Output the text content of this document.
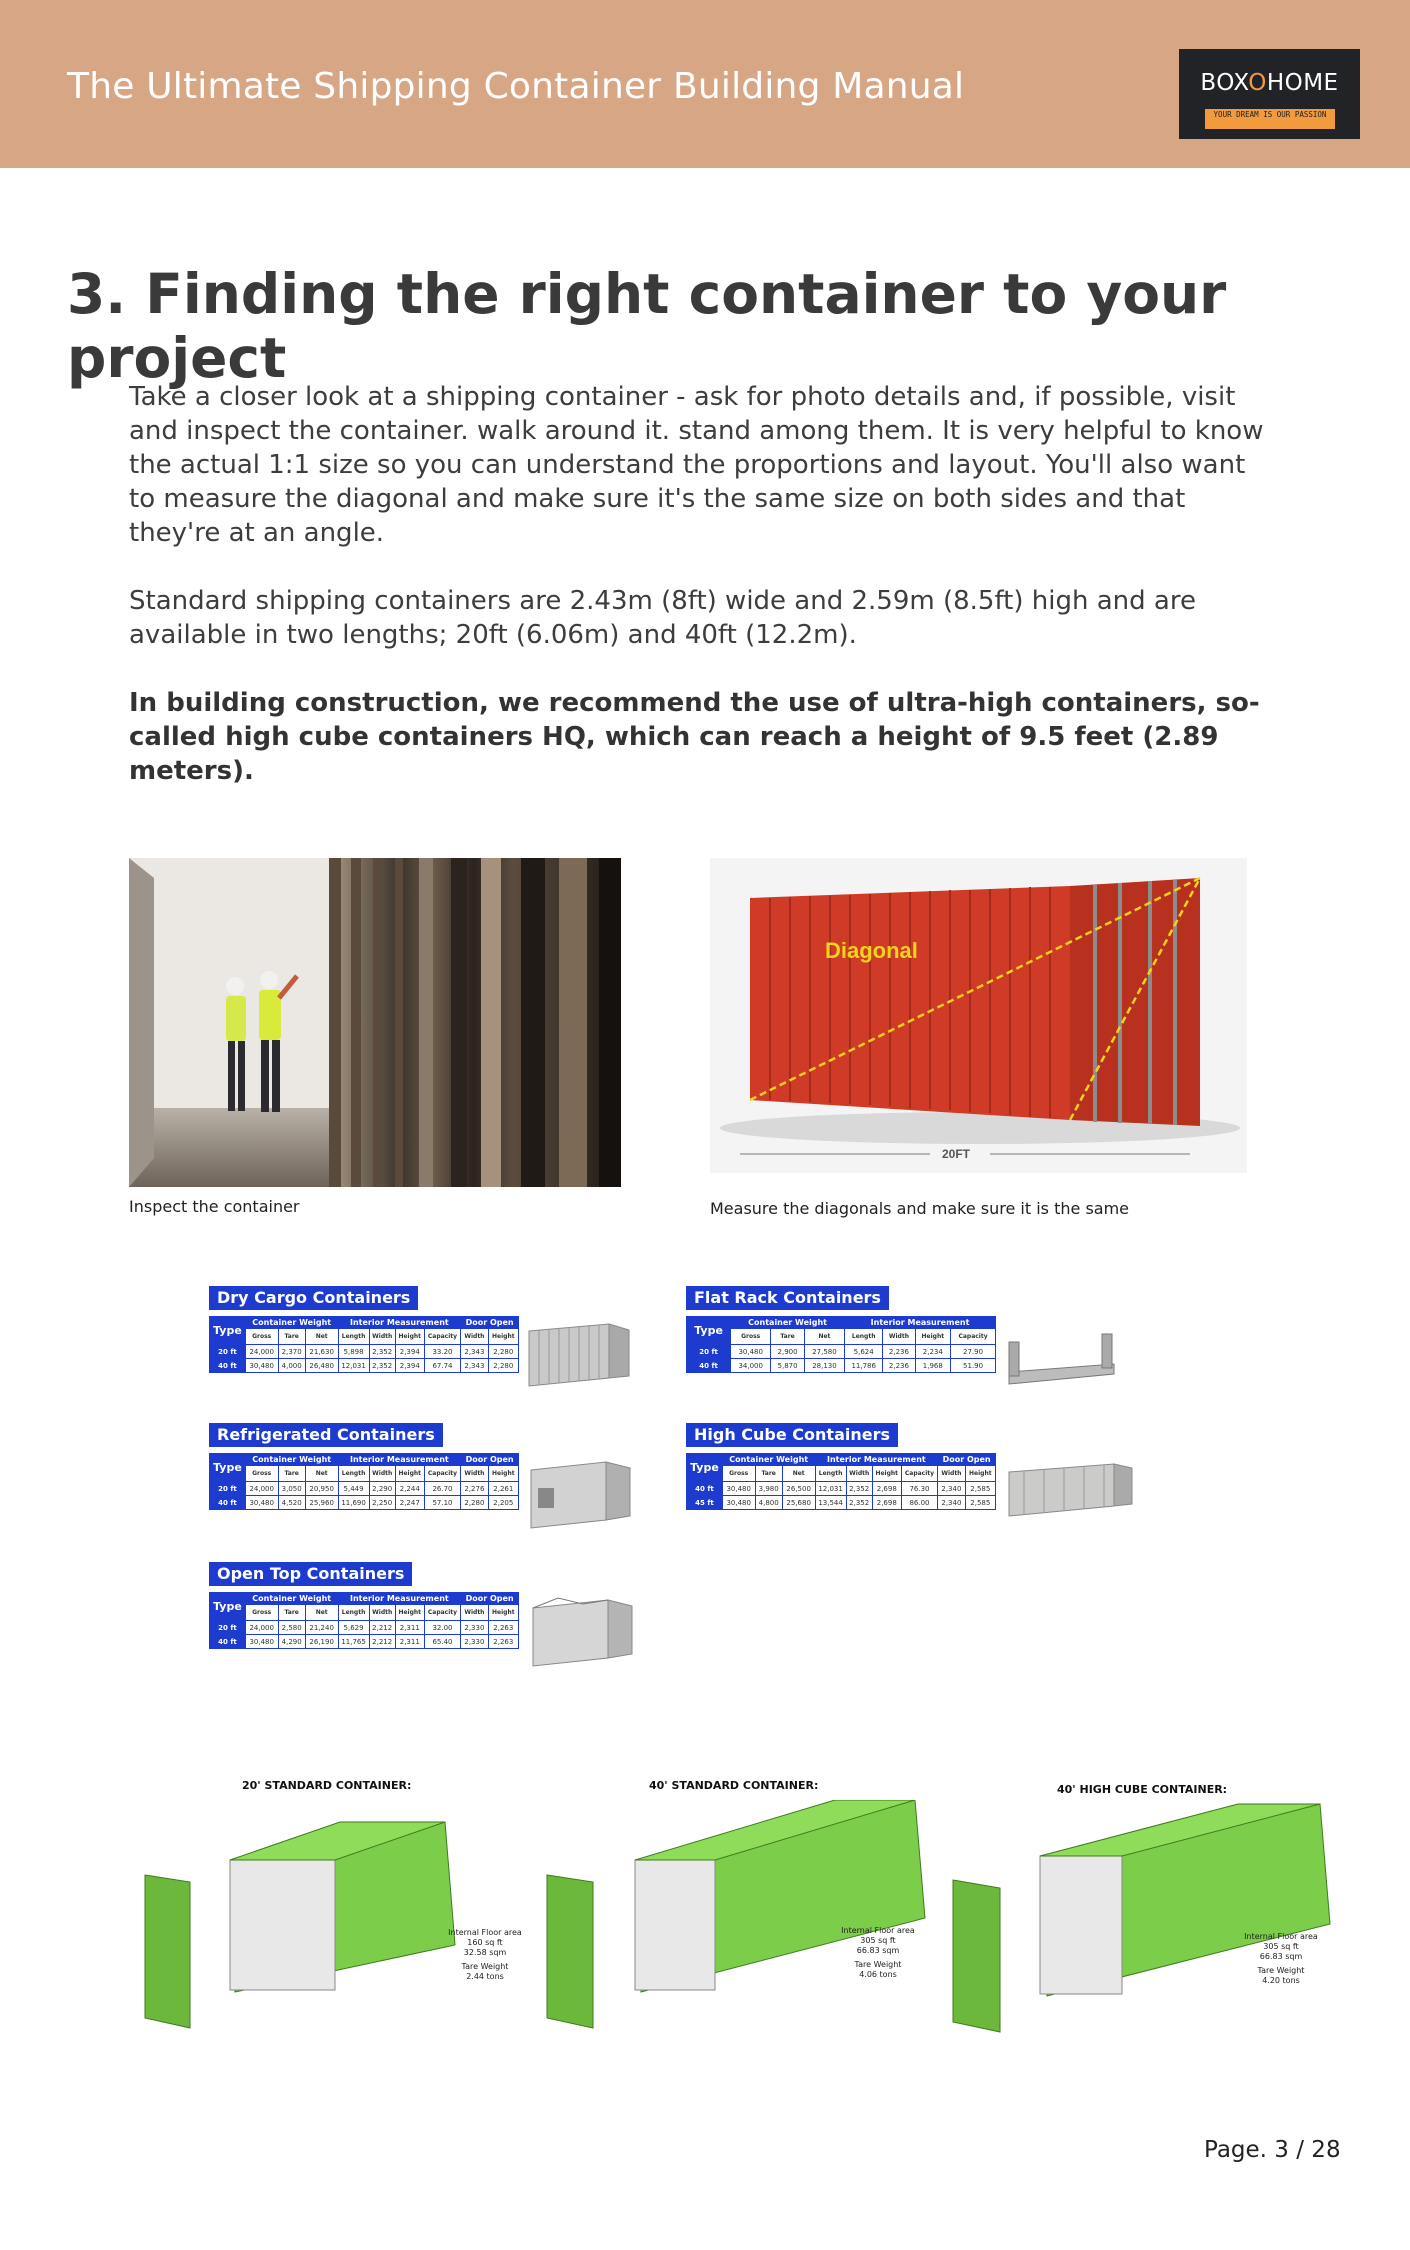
The Ultimate Shipping Container Building Manual	BOXOHOME
YOUR DREAM IS OUR PASSION
3. Finding the right container to your project
Take a closer look at a shipping container - ask for photo details and, if possible, visit and inspect the container. walk around it. stand among them. It is very helpful to know the actual 1:1 size so you can understand the proportions and layout. You'll also want to measure the diagonal and make sure it's the same size on both sides and that they're at an angle.
Standard shipping containers are 2.43m (8ft) wide and 2.59m (8.5ft) high and are available in two lengths; 20ft (6.06m) and 40ft (12.2m).
In building construction, we recommend the use of ultra-high containers, so-called high cube containers HQ, which can reach a height of 9.5 feet (2.89 meters).
Diagonal
20FT
Inspect the container	Measure the diagonals and make sure it is the same
Dry Cargo Containers
Type	Container Weight			Interior Measurement				Door Open	
	Gross	Tare	Net	Length	Width	Height	Capacity	Width	Height
20 ft	24,000	2,370	21,630	5,898	2,352	2,394	33.20	2,343	2,280
40 ft	30,480	4,000	26,480	12,031	2,352	2,394	67.74	2,343	2,280
Flat Rack Containers
Type	Container Weight			Interior Measurement			
	Gross	Tare	Net	Length	Width	Height	Capacity
20 ft	30,480	2,900	27,580	5,624	2,236	2,234	27.90
40 ft	34,000	5,870	28,130	11,786	2,236	1,968	51.90
Refrigerated Containers
Type	Container Weight			Interior Measurement				Door Open	
	Gross	Tare	Net	Length	Width	Height	Capacity	Width	Height
20 ft	24,000	3,050	20,950	5,449	2,290	2,244	26.70	2,276	2,261
40 ft	30,480	4,520	25,960	11,690	2,250	2,247	57.10	2,280	2,205
High Cube Containers
Type	Container Weight			Interior Measurement				Door Open	
	Gross	Tare	Net	Length	Width	Height	Capacity	Width	Height
40 ft	30,480	3,980	26,500	12,031	2,352	2,698	76.30	2,340	2,585
45 ft	30,480	4,800	25,680	13,544	2,352	2,698	86.00	2,340	2,585
Open Top Containers
Type	Container Weight			Interior Measurement				Door Open	
	Gross	Tare	Net	Length	Width	Height	Capacity	Width	Height
20 ft	24,000	2,580	21,240	5,629	2,212	2,311	32.00	2,330	2,263
40 ft	30,480	4,290	26,190	11,765	2,212	2,311	65.40	2,330	2,263
20' STANDARD CONTAINER:	40' STANDARD CONTAINER:	40' HIGH CUBE CONTAINER:
Internal Floor area
160 sq ft
32.58 sqm
Tare Weight
2.44 tons
Internal Floor area
305 sq ft
66.83 sqm
Tare Weight
4.06 tons
Internal Floor area
305 sq ft
66.83 sqm
Tare Weight
4.20 tons
Page. 3 / 28
